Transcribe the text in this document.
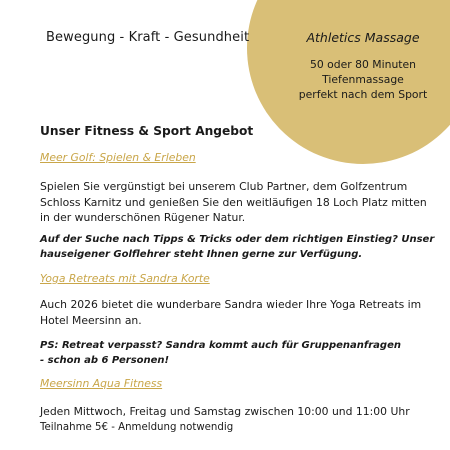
Athletics Massage

50 oder 80 Minuten

Tiefenmassage

perfekt nach dem Sport

Bewegung - Kraft - Gesundheit

Unser Fitness & Sport Angebot

Meer Golf: Spielen & Erleben

Spielen Sie vergünstigt bei unserem Club Partner, dem Golfzentrum
Schloss Karnitz und genießen Sie den weitläufigen 18 Loch Platz mitten
in der wunderschönen Rügener Natur.

Auf der Suche nach Tipps & Tricks oder dem richtigen Einstieg? Unser
hauseigener Golflehrer steht Ihnen gerne zur Verfügung.

Yoga Retreats mit Sandra Korte

Auch 2026 bietet die wunderbare Sandra wieder Ihre Yoga Retreats im
Hotel Meersinn an.

PS: Retreat verpasst? Sandra kommt auch für Gruppenanfragen
- schon ab 6 Personen!

Meersinn Aqua Fitness

Jeden Mittwoch, Freitag und Samstag zwischen 10:00 und 11:00 Uhr
Teilnahme 5€ - Anmeldung notwendig
